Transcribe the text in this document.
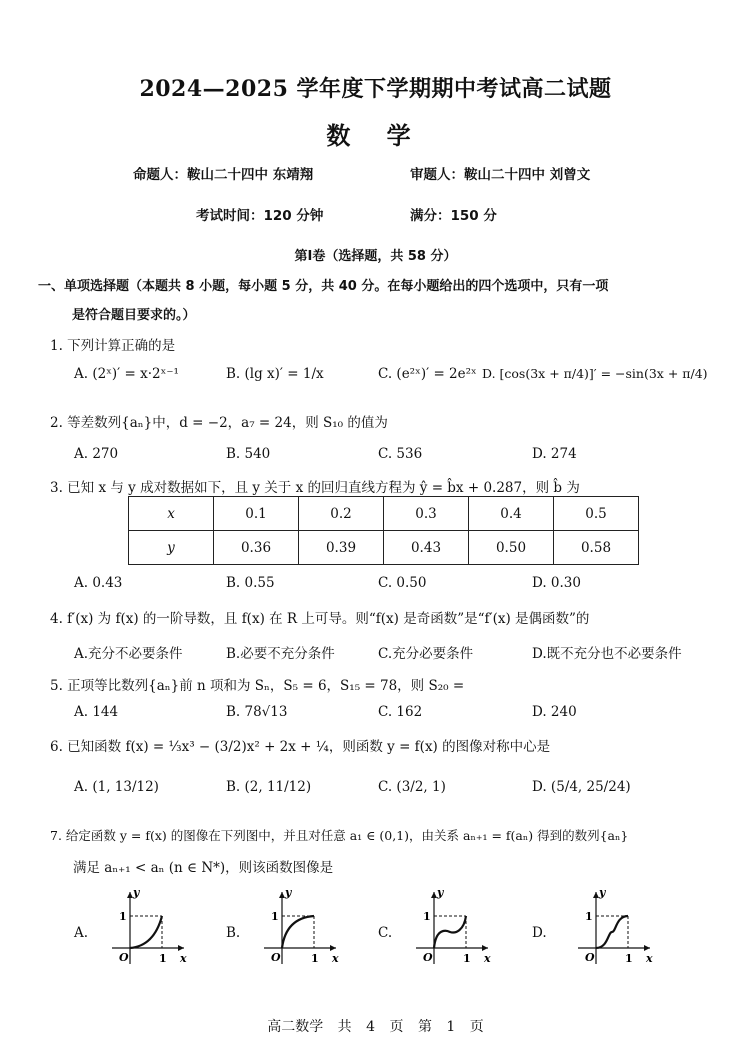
2024—2025 学年度下学期期中考试高二试题
数 学
命题人：鞍山二十四中 东靖翔	审题人：鞍山二十四中 刘曾文
考试时间：120 分钟	满分：150 分
第Ⅰ卷（选择题，共 58 分）
一、单项选择题（本题共 8 小题，每小题 5 分，共 40 分。在每小题给出的四个选项中，只有一项
是符合题目要求的。）
1. 下列计算正确的是
A. (2ˣ)′ = x·2ˣ⁻¹	B. (lg x)′ = 1/x	C. (e²ˣ)′ = 2e²ˣ D. [cos(3x + π/4)]′ = −sin(3x + π/4)
2. 等差数列{aₙ}中，d = −2，a₇ = 24，则 S₁₀ 的值为
A. 270	B. 540	C. 536	D. 274
3. 已知 x 与 y 成对数据如下，且 y 关于 x 的回归直线方程为 ŷ = b̂x + 0.287，则 b̂ 为
x	0.1	0.2	0.3	0.4	0.5
y	0.36	0.39	0.43	0.50	0.58
A. 0.43	B. 0.55	C. 0.50	D. 0.30
4. f′(x) 为 f(x) 的一阶导数，且 f(x) 在 R 上可导。则“f(x) 是奇函数”是“f′(x) 是偶函数”的
A.充分不必要条件	B.必要不充分条件	C.充分必要条件	D.既不充分也不必要条件
5. 正项等比数列{aₙ}前 n 项和为 Sₙ，S₅ = 6，S₁₅ = 78，则 S₂₀ =
A. 144	B. 78√13	C. 162	D. 240
6. 已知函数 f(x) = ⅓x³ − (3/2)x² + 2x + ¼，则函数 y = f(x) 的图像对称中心是
A. (1, 13/12)	B. (2, 11/12)	C. (3/2, 1)	D. (5/4, 25/24)
7. 给定函数 y = f(x) 的图像在下列图中，并且对任意 a₁ ∈ (0,1)，由关系 aₙ₊₁ = f(aₙ) 得到的数列{aₙ}
满足 aₙ₊₁ < aₙ (n ∈ N*)，则该函数图像是
A.	B.	C.	D.
y
x
O
1
1
y
x
O
1
1
y
x
O
1
1
y
x
O
1
1
高二数学 共 4 页 第 1 页
